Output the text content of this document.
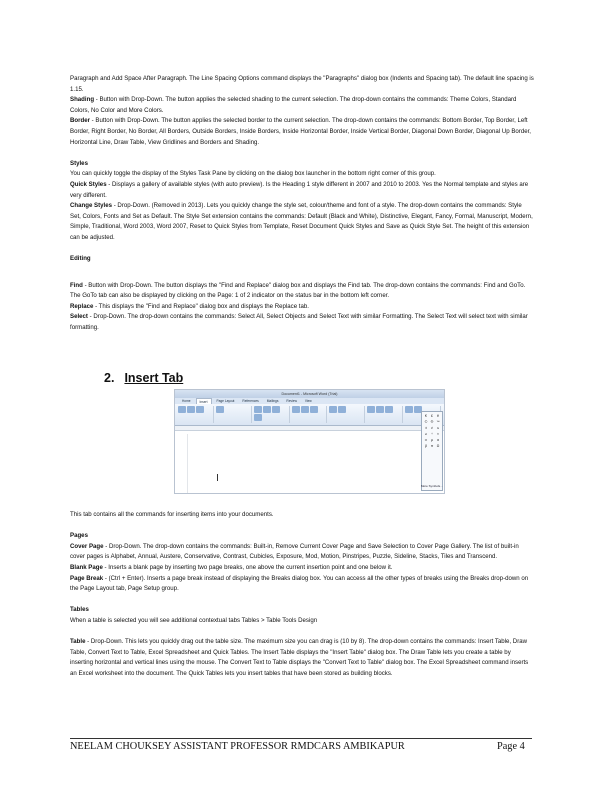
Paragraph and Add Space After Paragraph. The Line Spacing Options command displays the "Paragraphs" dialog box (Indents and Spacing tab). The default line spacing is 1.15.

Shading - Button with Drop-Down. The button applies the selected shading to the current selection. The drop-down contains the commands: Theme Colors, Standard Colors, No Color and More Colors.

Border - Button with Drop-Down. The button applies the selected border to the current selection. The drop-down contains the commands: Bottom Border, Top Border, Left Border, Right Border, No Border, All Borders, Outside Borders, Inside Borders, Inside Horizontal Border, Inside Vertical Border, Diagonal Down Border, Diagonal Up Border, Horizontal Line, Draw Table, View Gridlines and Borders and Shading.

Styles

You can quickly toggle the display of the Styles Task Pane by clicking on the dialog box launcher in the bottom right corner of this group.

Quick Styles - Displays a gallery of available styles (with auto preview). Is the Heading 1 style different in 2007 and 2010 to 2003. Yes the Normal template and styles are very different.

Change Styles - Drop-Down. (Removed in 2013). Lets you quickly change the style set, colour/theme and font of a style. The drop-down contains the commands: Style Set, Colors, Fonts and Set as Default. The Style Set extension contains the commands: Default (Black and White), Distinctive, Elegant, Fancy, Formal, Manuscript, Modern, Simple, Traditional, Word 2003, Word 2007, Reset to Quick Styles from Template, Reset Document Quick Styles and Save as Quick Style Set. The height of this extension can be adjusted.

Editing

Find - Button with Drop-Down. The button displays the "Find and Replace" dialog box and displays the Find tab. The drop-down contains the commands: Find and GoTo. The GoTo tab can also be displayed by clicking on the Page: 1 of 2 indicator on the status bar in the bottom left corner.

Replace - This displays the "Find and Replace" dialog box and displays the Replace tab.

Select - Drop-Down. The drop-down contains the commands: Select All, Select Objects and Select Text with similar Formatting. The Select Text will select text with similar formatting.

2. Insert Tab
Document1 - Microsoft Word (Trial)
Home	Insert	Page Layout	References	Mailings	Review	View
€	£	¥
©	® ™
±	≠	≤
≥	÷	×
∞	µ	α
β	π	Ω
More Symbols...

This tab contains all the commands for inserting items into your documents.

Pages

Cover Page - Drop-Down. The drop-down contains the commands: Built-in, Remove Current Cover Page and Save Selection to Cover Page Gallery. The list of built-in cover pages is Alphabet, Annual, Austere, Conservative, Contrast, Cubicles, Exposure, Mod, Motion, Pinstripes, Puzzle, Sideline, Stacks, Tiles and Transcend.

Blank Page - Inserts a blank page by inserting two page breaks, one above the current insertion point and one below it.

Page Break - (Ctrl + Enter). Inserts a page break instead of displaying the Breaks dialog box. You can access all the other types of breaks using the Breaks drop-down on the Page Layout tab, Page Setup group.

Tables

When a table is selected you will see additional contextual tabs Tables > Table Tools Design

Table - Drop-Down. This lets you quickly drag out the table size. The maximum size you can drag is (10 by 8). The drop-down contains the commands: Insert Table, Draw Table, Convert Text to Table, Excel Spreadsheet and Quick Tables. The Insert Table displays the "Insert Table" dialog box. The Draw Table lets you create a table by inserting horizontal and vertical lines using the mouse. The Convert Text to Table displays the "Convert Text to Table" dialog box. The Excel Spreadsheet command inserts an Excel worksheet into the document. The Quick Tables lets you insert tables that have been stored as building blocks.

NEELAM CHOUKSEY ASSISTANT PROFESSOR RMDCARS AMBIKAPUR	Page 4
